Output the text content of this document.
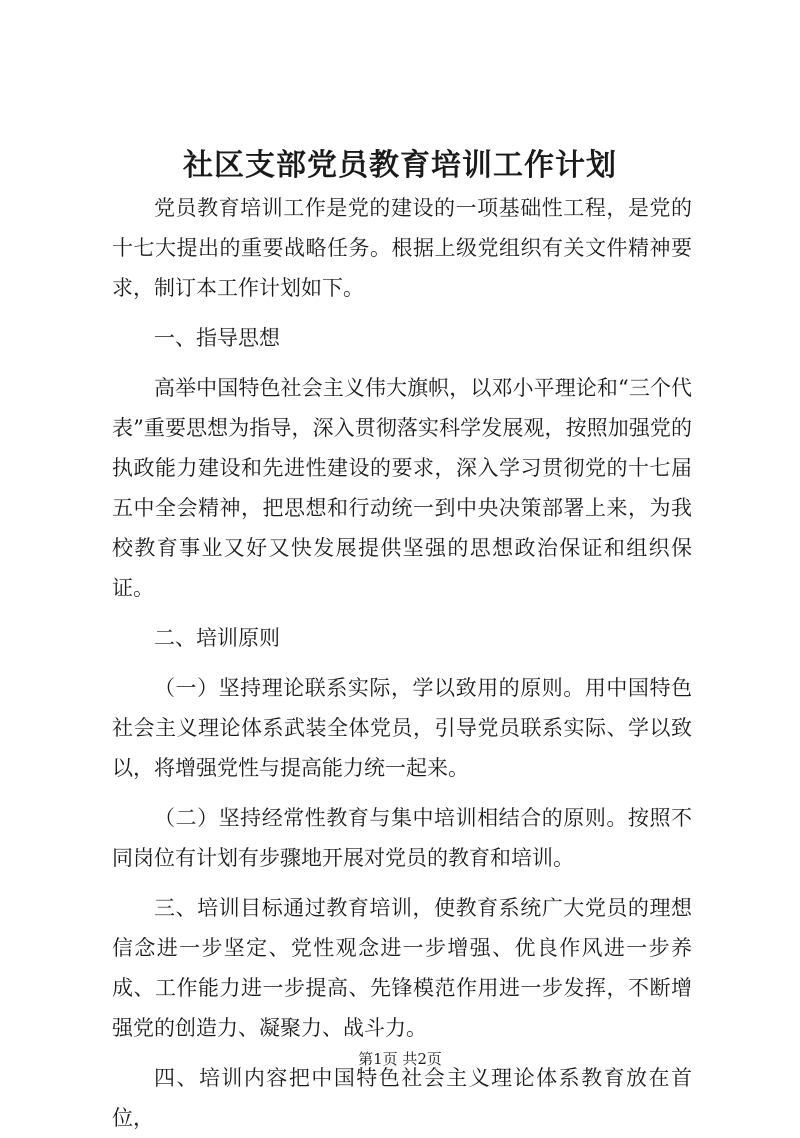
社区支部党员教育培训工作计划

党员教育培训工作是党的建设的一项基础性工程，是党的十七大提出的重要战略任务。根据上级党组织有关文件精神要求，制订本工作计划如下。

一、指导思想

高举中国特色社会主义伟大旗帜，以邓小平理论和“三个代表”重要思想为指导，深入贯彻落实科学发展观，按照加强党的执政能力建设和先进性建设的要求，深入学习贯彻党的十七届五中全会精神，把思想和行动统一到中央决策部署上来，为我校教育事业又好又快发展提供坚强的思想政治保证和组织保证。

二、培训原则

（一）坚持理论联系实际，学以致用的原则。用中国特色社会主义理论体系武装全体党员，引导党员联系实际、学以致以，将增强党性与提高能力统一起来。

（二）坚持经常性教育与集中培训相结合的原则。按照不同岗位有计划有步骤地开展对党员的教育和培训。

三、培训目标通过教育培训，使教育系统广大党员的理想信念进一步坚定、党性观念进一步增强、优良作风进一步养成、工作能力进一步提高、先锋模范作用进一步发挥，不断增强党的创造力、凝聚力、战斗力。

四、培训内容把中国特色社会主义理论体系教育放在首位，

第1页 共2页
